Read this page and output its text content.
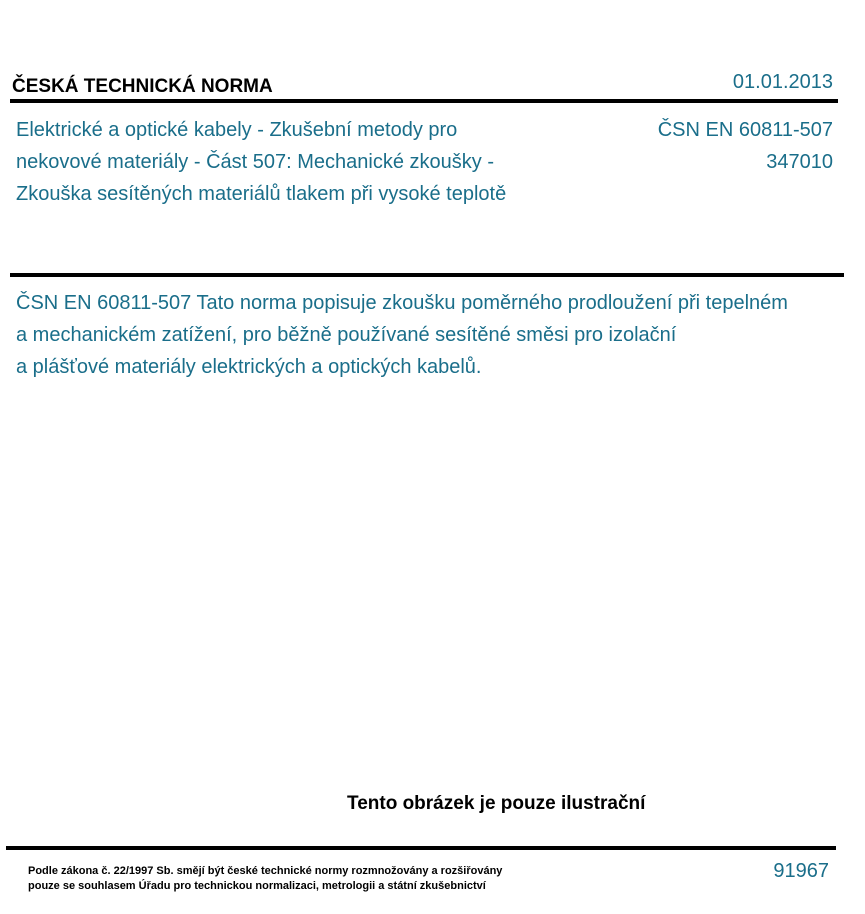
ČESKÁ TECHNICKÁ NORMA	01.01.2013
Elektrické a optické kabely - Zkušební metody pro nekovové materiály - Část 507: Mechanické zkoušky - Zkouška sesítěných materiálů tlakem při vysoké teplotě
ČSN EN 60811-507
347010
ČSN EN 60811-507 Tato norma popisuje zkoušku poměrného prodloužení při tepelném
a mechanickém zatížení, pro běžně používané sesítěné směsi pro izolační
a plášťové materiály elektrických a optických kabelů.
Tento obrázek je pouze ilustrační
Podle zákona č. 22/1997 Sb. smějí být české technické normy rozmnožovány a rozšiřovány
pouze se souhlasem Úřadu pro technickou normalizaci, metrologii a státní zkušebnictví
91967
